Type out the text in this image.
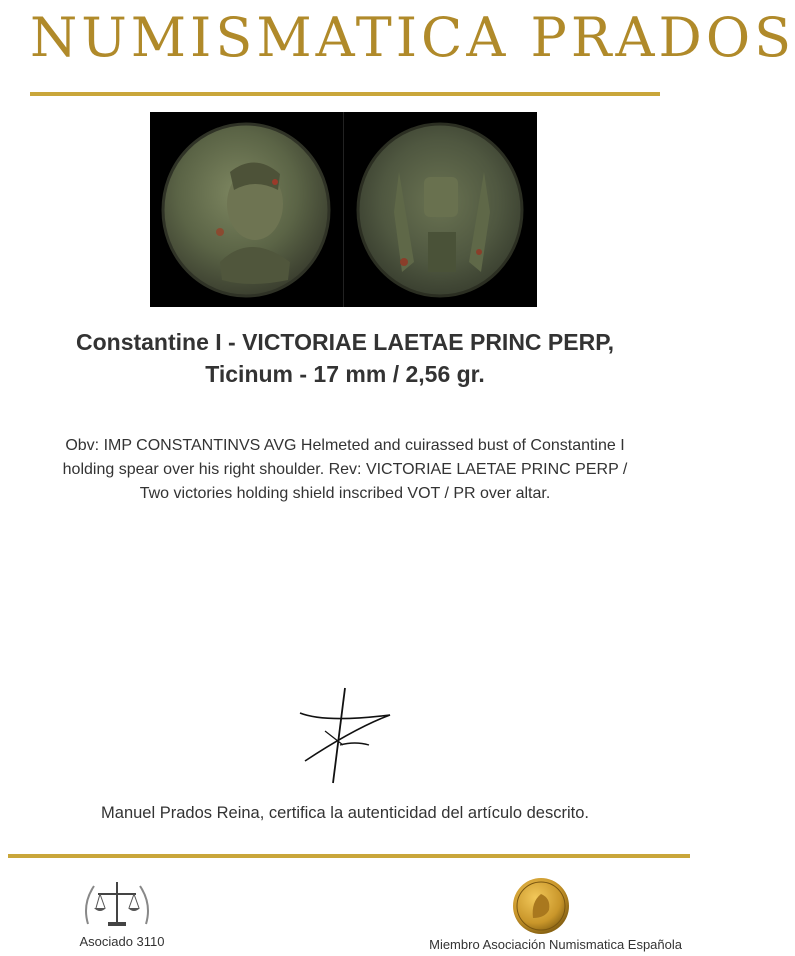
NUMISMATICA PRADOS
Constantine I - VICTORIAE LAETAE PRINC PERP,
Ticinum - 17 mm / 2,56 gr.
Obv: IMP CONSTANTINVS AVG Helmeted and cuirassed bust of Constantine I holding spear over his right shoulder. Rev: VICTORIAE LAETAE PRINC PERP / Two victories holding shield inscribed VOT / PR over altar.
Manuel Prados Reina, certifica la autenticidad del artículo descrito.
Asociado 3110	Miembro Asociación Numismatica Española
